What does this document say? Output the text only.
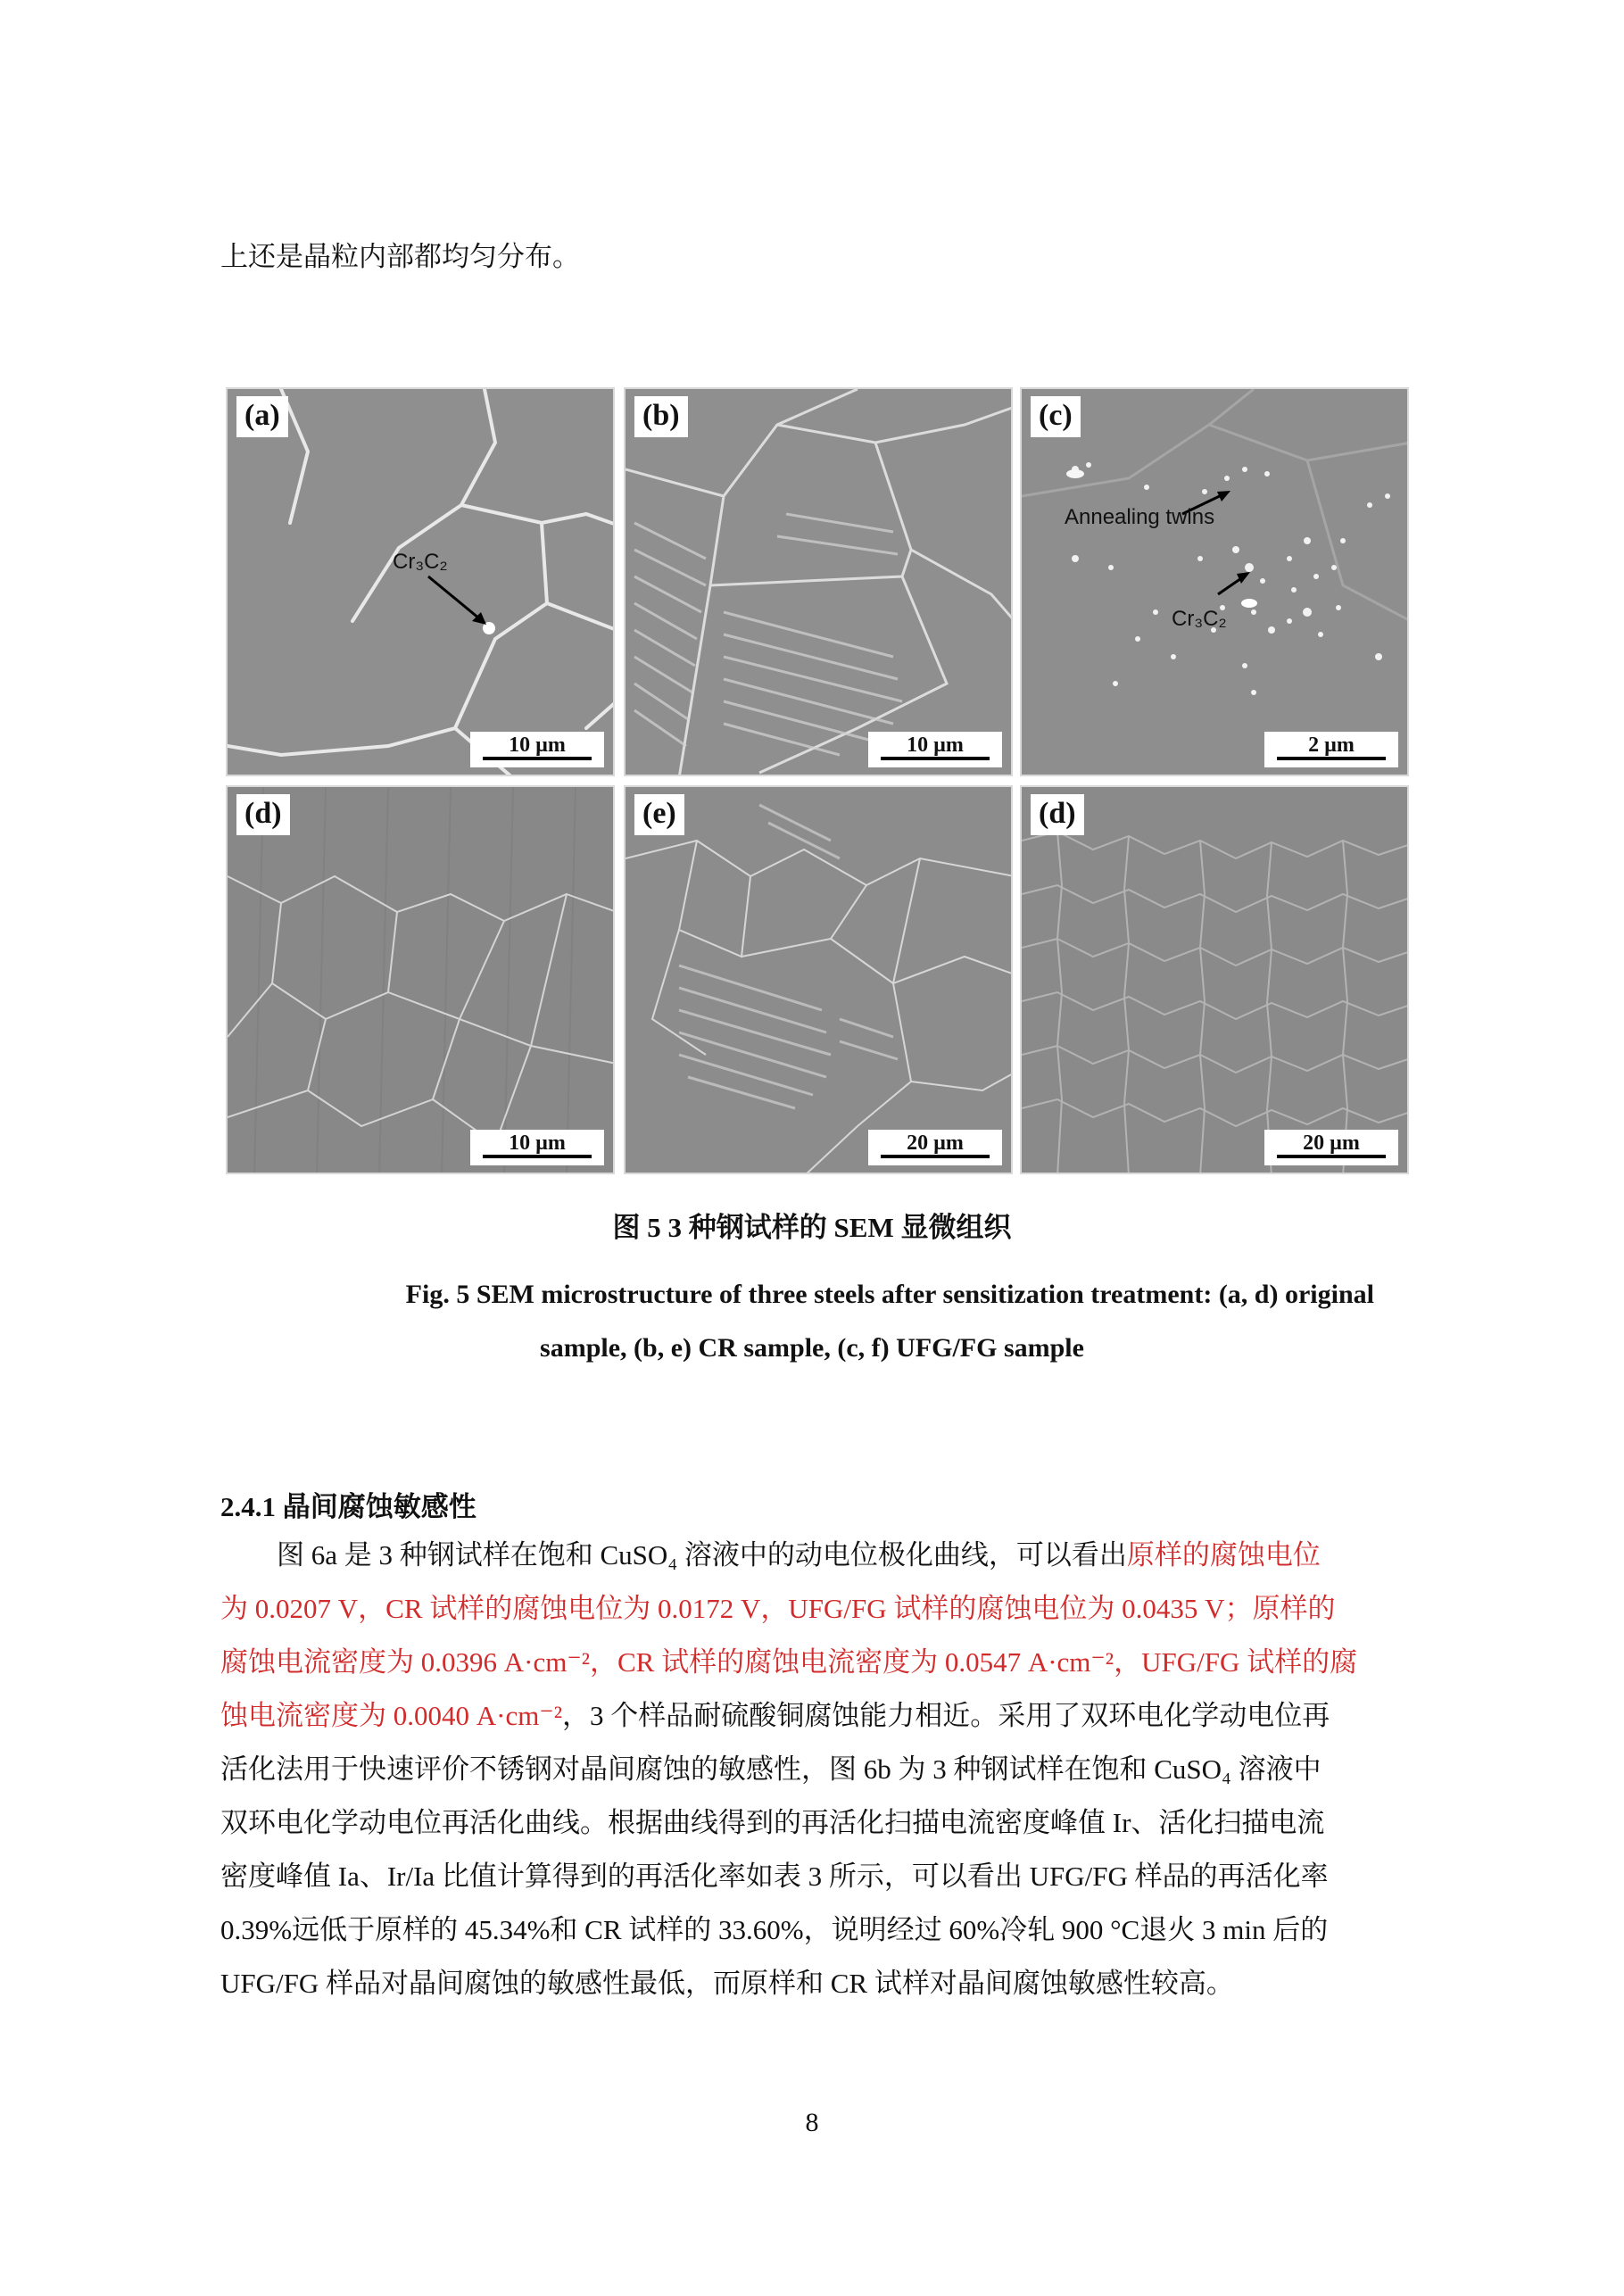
上还是晶粒内部都均匀分布。
Cr₃C₂
(a)
10 µm
(b)
10 µm
Annealing twins
Cr₃C₂
(c)
2 µm
(d)
10 µm
(e)
20 µm
(d)
20 µm
图 5 3 种钢试样的 SEM 显微组织
Fig. 5 SEM microstructure of three steels after sensitization treatment: (a, d) original
sample, (b, e) CR sample, (c, f) UFG/FG sample
2.4.1 晶间腐蚀敏感性
图 6a 是 3 种钢试样在饱和 CuSO₄ 溶液中的动电位极化曲线，可以看出原样的腐蚀电位
为 0.0207 V，CR 试样的腐蚀电位为 0.0172 V，UFG/FG 试样的腐蚀电位为 0.0435 V；原样的
腐蚀电流密度为 0.0396 A·cm⁻²，CR 试样的腐蚀电流密度为 0.0547 A·cm⁻²，UFG/FG 试样的腐
蚀电流密度为 0.0040 A·cm⁻²，3 个样品耐硫酸铜腐蚀能力相近。采用了双环电化学动电位再
活化法用于快速评价不锈钢对晶间腐蚀的敏感性，图 6b 为 3 种钢试样在饱和 CuSO₄ 溶液中
双环电化学动电位再活化曲线。根据曲线得到的再活化扫描电流密度峰值 Ir、活化扫描电流
密度峰值 Ia、Ir/Ia 比值计算得到的再活化率如表 3 所示，可以看出 UFG/FG 样品的再活化率
0.39%远低于原样的 45.34%和 CR 试样的 33.60%，说明经过 60%冷轧 900 °C退火 3 min 后的
UFG/FG 样品对晶间腐蚀的敏感性最低，而原样和 CR 试样对晶间腐蚀敏感性较高。
8
